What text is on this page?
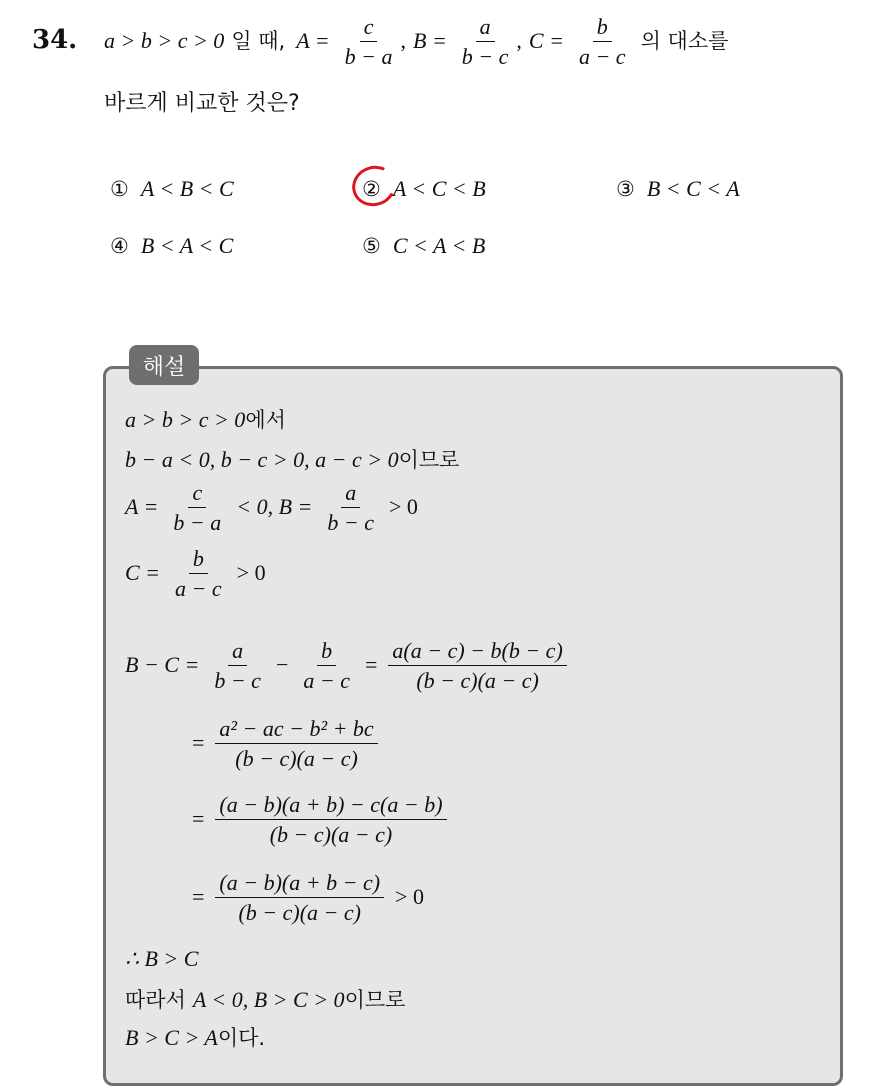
34. a > b > c > 0 일 때, $A = \frac{c}{b - a}$ , $B = \frac{a}{b - c}$ , $C = \frac{b}{a - c}$ 의 대소를
바르게 비교한 것은?
① A < B < C	② A < C < B	③ B < C < A
④ B < A < C	⑤ C < A < B
해설
a > b > c > 0에서
b − a < 0, b − c > 0, a − c > 0이므로
$A = \frac{c}{b - a} < 0$, $B = \frac{a}{b - c} > 0$
$C = \frac{b}{a - c} > 0$
$B - C = \frac{a}{b - c} - \frac{b}{a - c} = \frac{a(a - c) - b(b - c)}{(b - c)(a - c)}$
= $\frac{\text{a² − ac − b² + bc}}{(b - c)(a - c)}$
= $\frac{(a - b)(a + b) - c(a - b)}{(b - c)(a - c)}$
= $\frac{(a - b)(a + b - c)}{(b - c)(a - c)} > 0$
∴ B > C
따라서 A < 0, B > C > 0이므로
B > C > A이다.
